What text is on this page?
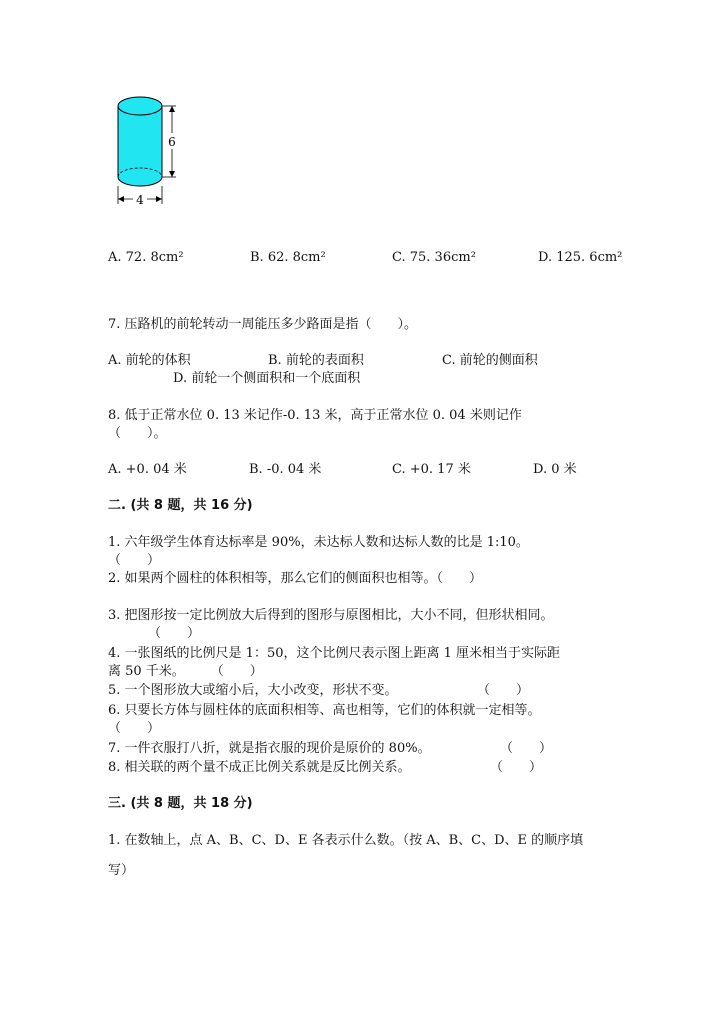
6
4
A. 72. 8cm²	B. 62. 8cm²	C. 75. 36cm²	D. 125. 6cm²
7. 压路机的前轮转动一周能压多少路面是指（　　）。
A. 前轮的体积	B. 前轮的表面积	C. 前轮的侧面积
D. 前轮一个侧面积和一个底面积
8. 低于正常水位 0. 13 米记作-0. 13 米，高于正常水位 0. 04 米则记作
（　　）。
A. +0. 04 米	B. -0. 04 米	C. +0. 17 米	D. 0 米
二. (共 8 题，共 16 分)
1. 六年级学生体育达标率是 90%，未达标人数和达标人数的比是 1:10。
（　　）
2. 如果两个圆柱的体积相等，那么它们的侧面积也相等。（　　）
3. 把图形按一定比例放大后得到的图形与原图相比，大小不同，但形状相同。
（　　）
4. 一张图纸的比例尺是 1：50，这个比例尺表示图上距离 1 厘米相当于实际距
离 50 千米。　　　（　　）
5. 一个图形放大或缩小后，大小改变，形状不变。	（　　）
6. 只要长方体与圆柱体的底面积相等、高也相等，它们的体积就一定相等。
（　　）
7. 一件衣服打八折，就是指衣服的现价是原价的 80%。	（　　）
8. 相关联的两个量不成正比例关系就是反比例关系。	（　　）
三. (共 8 题，共 18 分)
1. 在数轴上，点 A、B、C、D、E 各表示什么数。（按 A、B、C、D、E 的顺序填
写）
